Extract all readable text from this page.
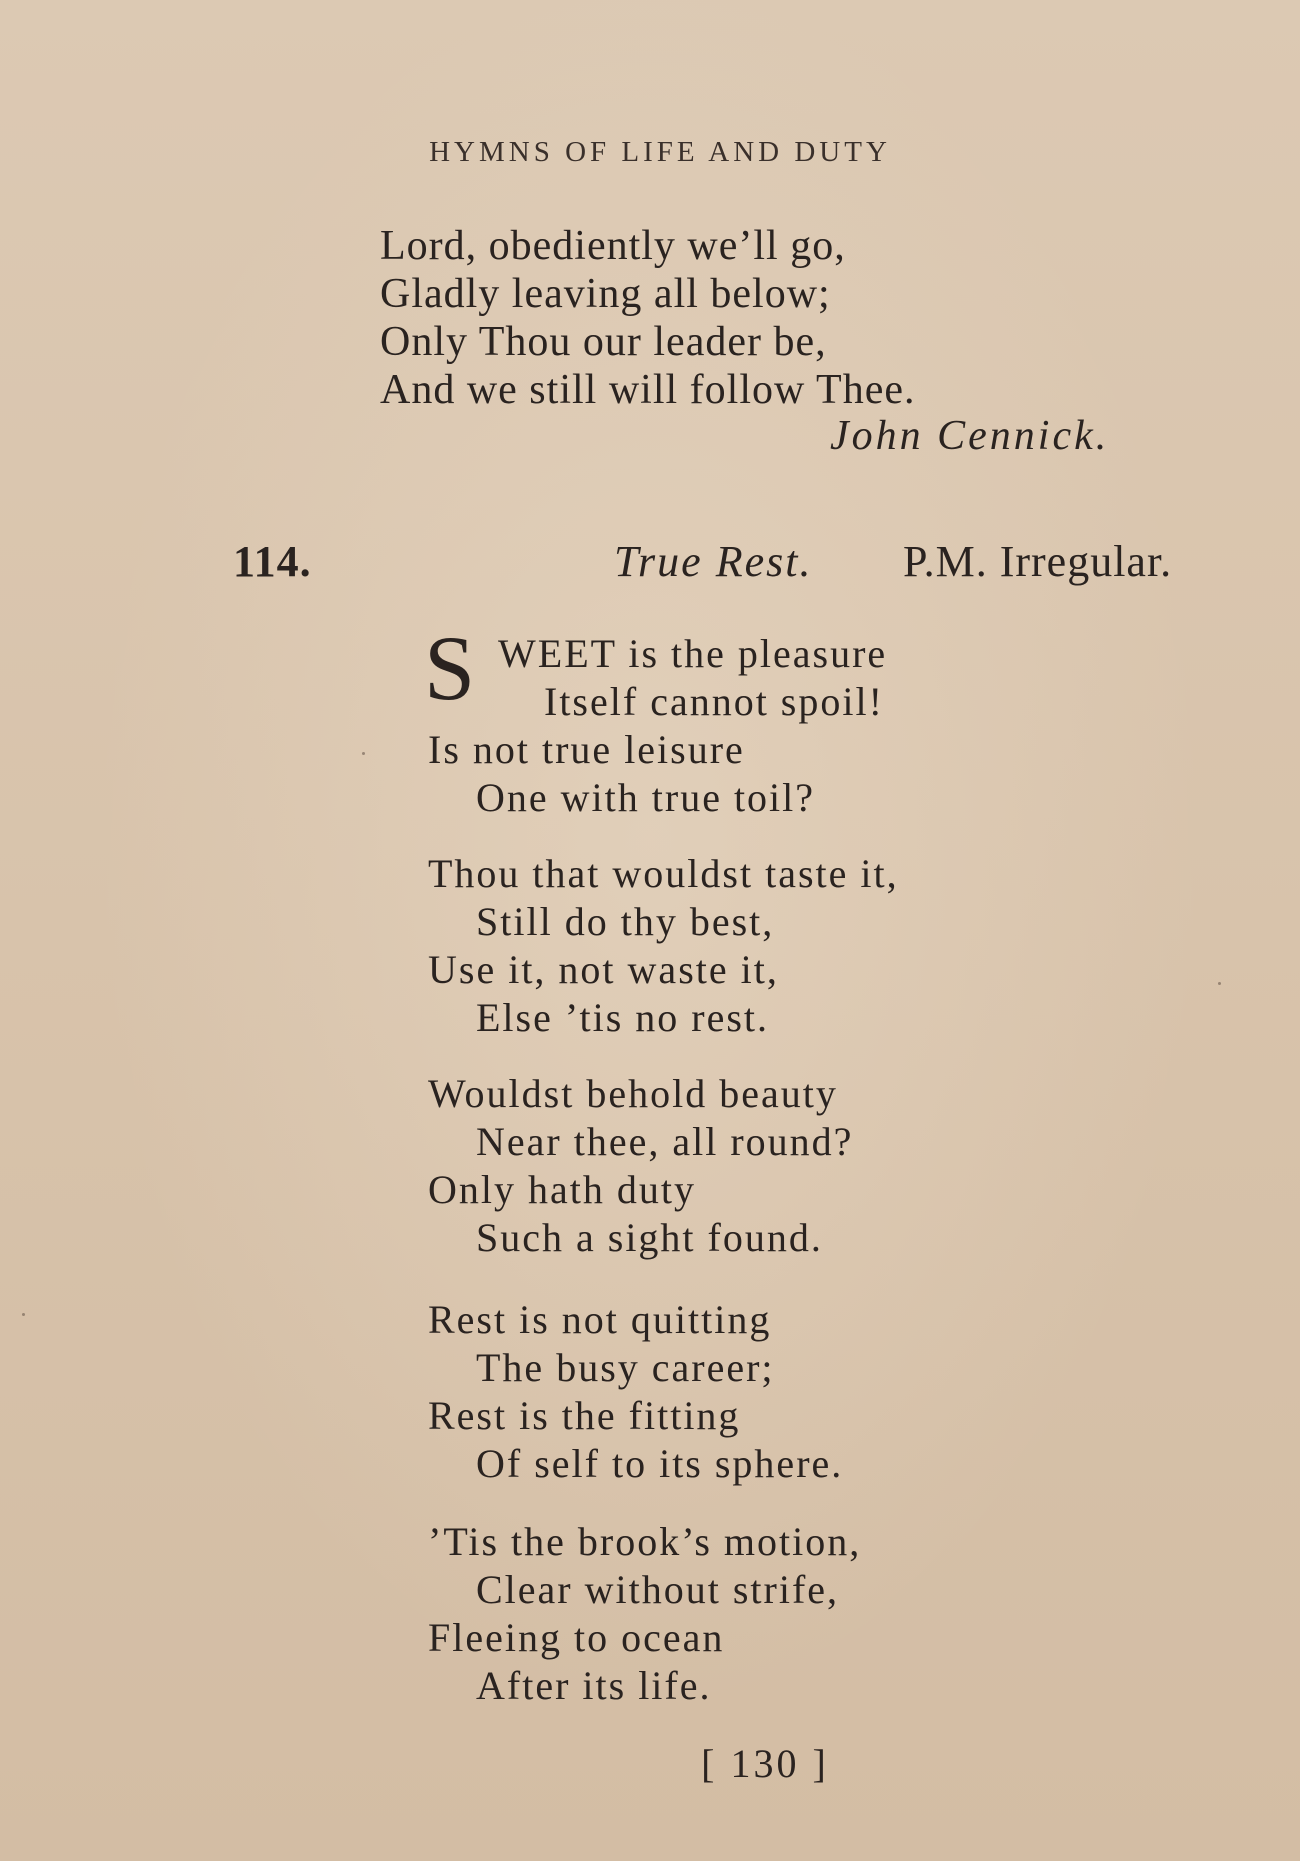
HYMNS OF LIFE AND DUTY
Lord, obediently we’ll go,
Gladly leaving all below;
Only Thou our leader be,
And we still will follow Thee.
John Cennick.
114.	True Rest. P.M. Irregular.
S WEET is the pleasure
Itself cannot spoil!
Is not true leisure
One with true toil?
Thou that wouldst taste it,
Still do thy best,
Use it, not waste it,
Else ’tis no rest.
Wouldst behold beauty
Near thee, all round?
Only hath duty
Such a sight found.
Rest is not quitting
The busy career;
Rest is the fitting
Of self to its sphere.
’Tis the brook’s motion,
Clear without strife,
Fleeing to ocean
After its life.
[ 130 ]
